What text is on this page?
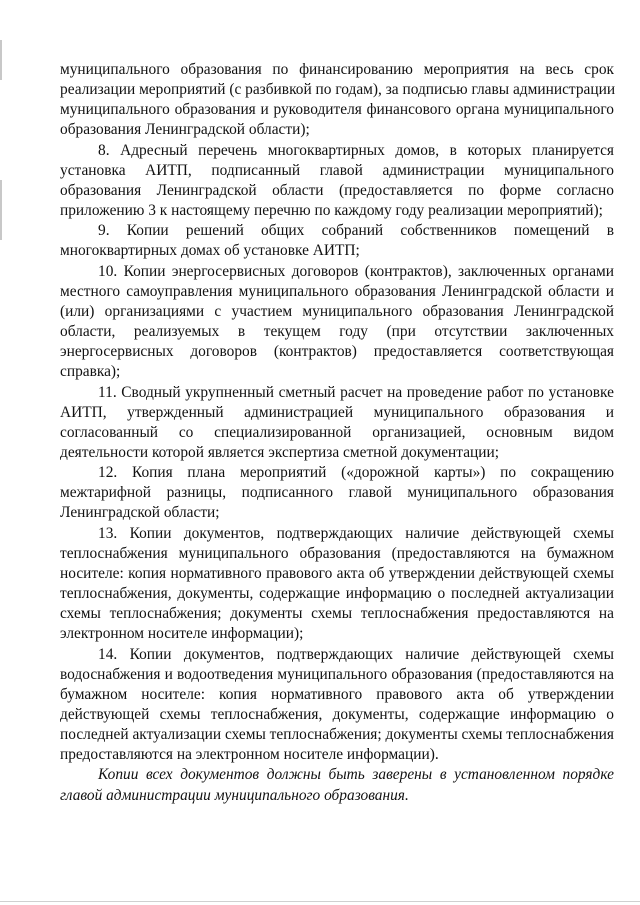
муниципального образования по финансированию мероприятия на весь срок
реализации мероприятий (с разбивкой по годам), за подписью главы администрации
муниципального образования и руководителя финансового органа муниципального
образования Ленинградской области);
8. Адресный перечень многоквартирных домов, в которых планируется
установка АИТП, подписанный главой администрации муниципального
образования Ленинградской области (предоставляется по форме согласно
приложению 3 к настоящему перечню по каждому году реализации мероприятий);
9. Копии решений общих собраний собственников помещений в
многоквартирных домах об установке АИТП;
10. Копии энергосервисных договоров (контрактов), заключенных органами
местного самоуправления муниципального образования Ленинградской области и
(или) организациями с участием муниципального образования Ленинградской
области, реализуемых в текущем году (при отсутствии заключенных
энергосервисных договоров (контрактов) предоставляется соответствующая
справка);
11. Сводный укрупненный сметный расчет на проведение работ по установке
АИТП, утвержденный администрацией муниципального образования и
согласованный со специализированной организацией, основным видом
деятельности которой является экспертиза сметной документации;
12. Копия плана мероприятий («дорожной карты») по сокращению
межтарифной разницы, подписанного главой муниципального образования
Ленинградской области;
13. Копии документов, подтверждающих наличие действующей схемы
теплоснабжения муниципального образования (предоставляются на бумажном
носителе: копия нормативного правового акта об утверждении действующей схемы
теплоснабжения, документы, содержащие информацию о последней актуализации
схемы теплоснабжения; документы схемы теплоснабжения предоставляются на
электронном носителе информации);
14. Копии документов, подтверждающих наличие действующей схемы
водоснабжения и водоотведения муниципального образования (предоставляются на
бумажном носителе: копия нормативного правового акта об утверждении
действующей схемы теплоснабжения, документы, содержащие информацию о
последней актуализации схемы теплоснабжения; документы схемы теплоснабжения
предоставляются на электронном носителе информации).
Копии всех документов должны быть заверены в установленном порядке
главой администрации муниципального образования.
